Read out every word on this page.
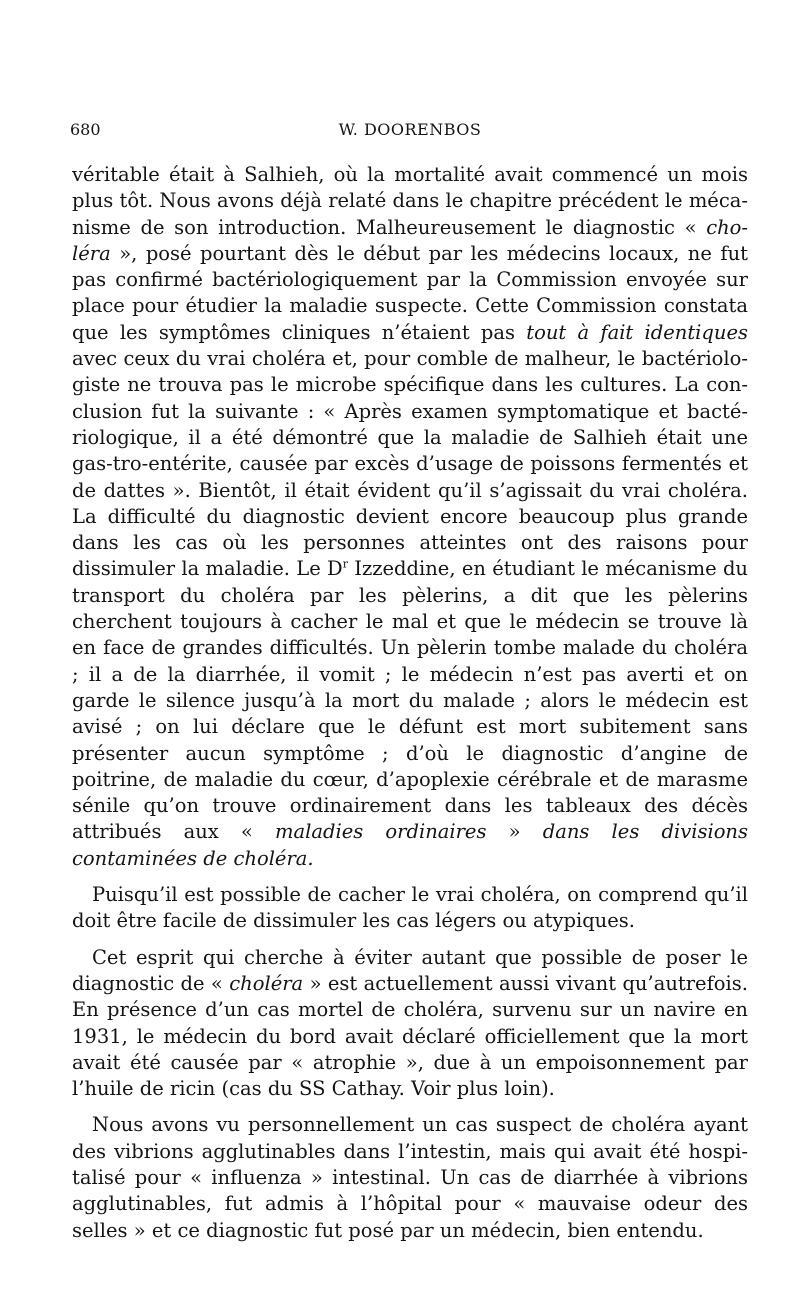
680	W. DOORENBOS

véritable était à Salhieh, où la mortalité avait commencé un mois plus tôt. Nous avons déjà relaté dans le chapitre précédent le méca-nisme de son introduction. Malheureusement le diagnostic « cho-léra », posé pourtant dès le début par les médecins locaux, ne fut pas confirmé bactériologiquement par la Commission envoyée sur place pour étudier la maladie suspecte. Cette Commission constata que les symptômes cliniques n’étaient pas tout à fait identiques avec ceux du vrai choléra et, pour comble de malheur, le bactériolo-giste ne trouva pas le microbe spécifique dans les cultures. La con-clusion fut la suivante : « Après examen symptomatique et bacté-riologique, il a été démontré que la maladie de Salhieh était une gas-tro-entérite, causée par excès d’usage de poissons fermentés et de dattes ». Bientôt, il était évident qu’il s’agissait du vrai choléra. La difficulté du diagnostic devient encore beaucoup plus grande dans les cas où les personnes atteintes ont des raisons pour dissimuler la maladie. Le $D^r$ Izzeddine, en étudiant le mécanisme du transport du choléra par les pèlerins, a dit que les pèlerins cherchent toujours à cacher le mal et que le médecin se trouve là en face de grandes difficultés. Un pèlerin tombe malade du choléra ; il a de la diarrhée, il vomit ; le médecin n’est pas averti et on garde le silence jusqu’à la mort du malade ; alors le médecin est avisé ; on lui déclare que le défunt est mort subitement sans présenter aucun symptôme ; d’où le diagnostic d’angine de poitrine, de maladie du cœur, d’apoplexie cérébrale et de marasme sénile qu’on trouve ordinairement dans les tableaux des décès attribués aux « maladies ordinaires » dans les divisions contaminées de choléra.

Puisqu’il est possible de cacher le vrai choléra, on comprend qu’il doit être facile de dissimuler les cas légers ou atypiques.

Cet esprit qui cherche à éviter autant que possible de poser le diagnostic de « choléra » est actuellement aussi vivant qu’autrefois. En présence d’un cas mortel de choléra, survenu sur un navire en 1931, le médecin du bord avait déclaré officiellement que la mort avait été causée par « atrophie », due à un empoisonnement par l’huile de ricin (cas du SS Cathay. Voir plus loin).

Nous avons vu personnellement un cas suspect de choléra ayant des vibrions agglutinables dans l’intestin, mais qui avait été hospi-talisé pour « influenza » intestinal. Un cas de diarrhée à vibrions agglutinables, fut admis à l’hôpital pour « mauvaise odeur des selles » et ce diagnostic fut posé par un médecin, bien entendu.
